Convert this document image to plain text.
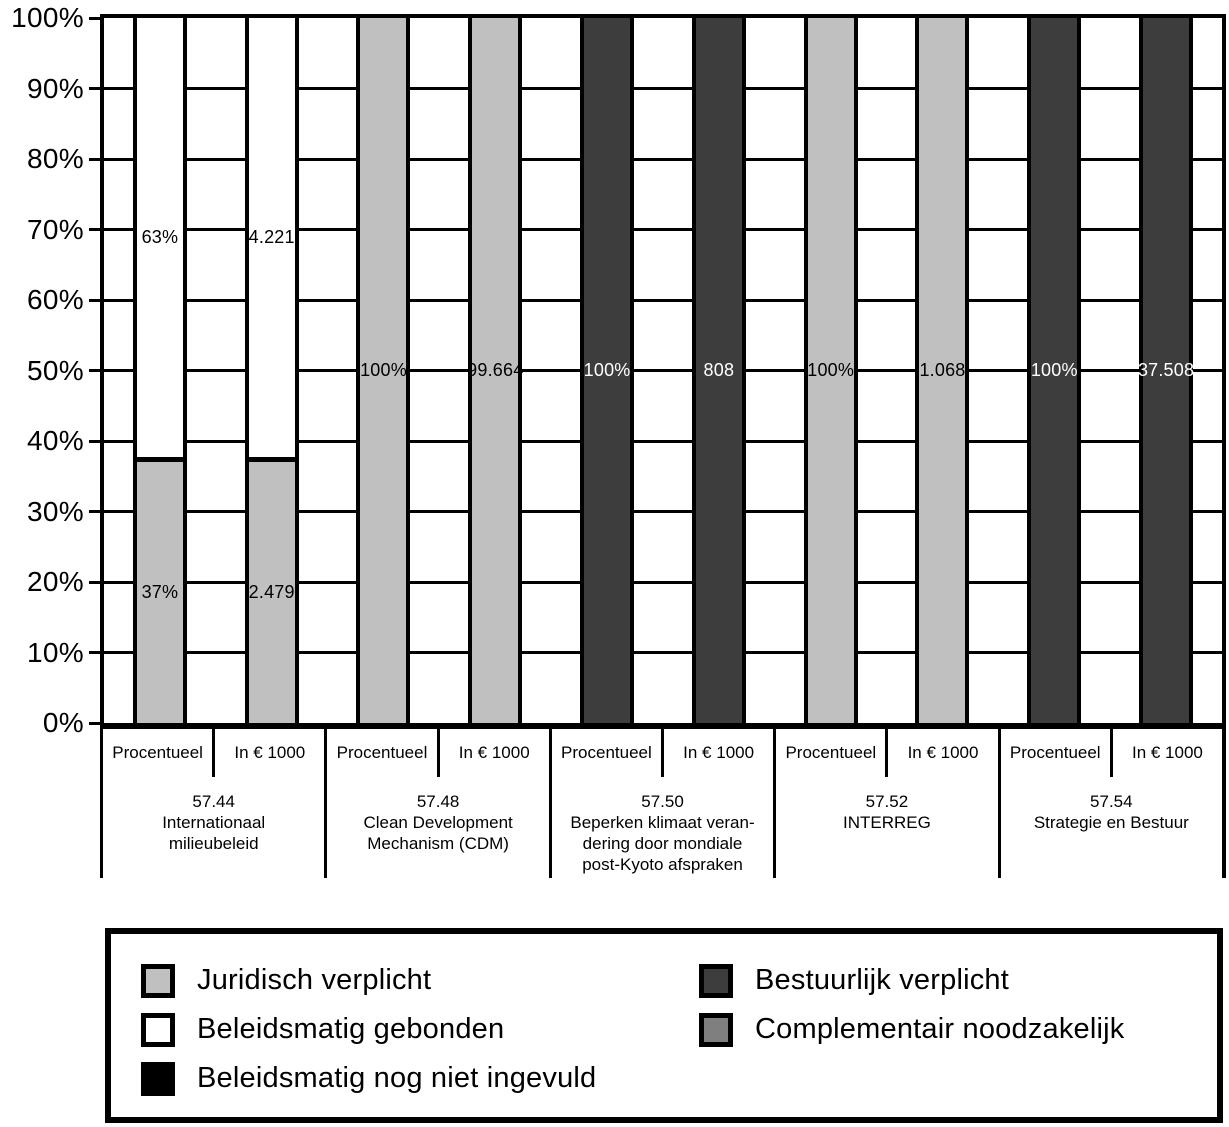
37%
63%
2.479
4.221
100%	99.664	100%	808	100%	1.068	100%	37.508
100%
90%
80%
70%
60%
50%
40%
30%
20%
10%
0%
Procentueel	In € 1000
57.44
Internationaal
milieubeleid
Procentueel	In € 1000
57.48
Clean Development
Mechanism (CDM)
Procentueel	In € 1000
57.50
Beperken klimaat veran-
dering door mondiale
post-Kyoto afspraken
Procentueel	In € 1000
57.52
INTERREG
Procentueel	In € 1000
57.54
Strategie en Bestuur
Juridisch verplicht
Beleidsmatig gebonden
Beleidsmatig nog niet ingevuld
Bestuurlijk verplicht
Complementair noodzakelijk
